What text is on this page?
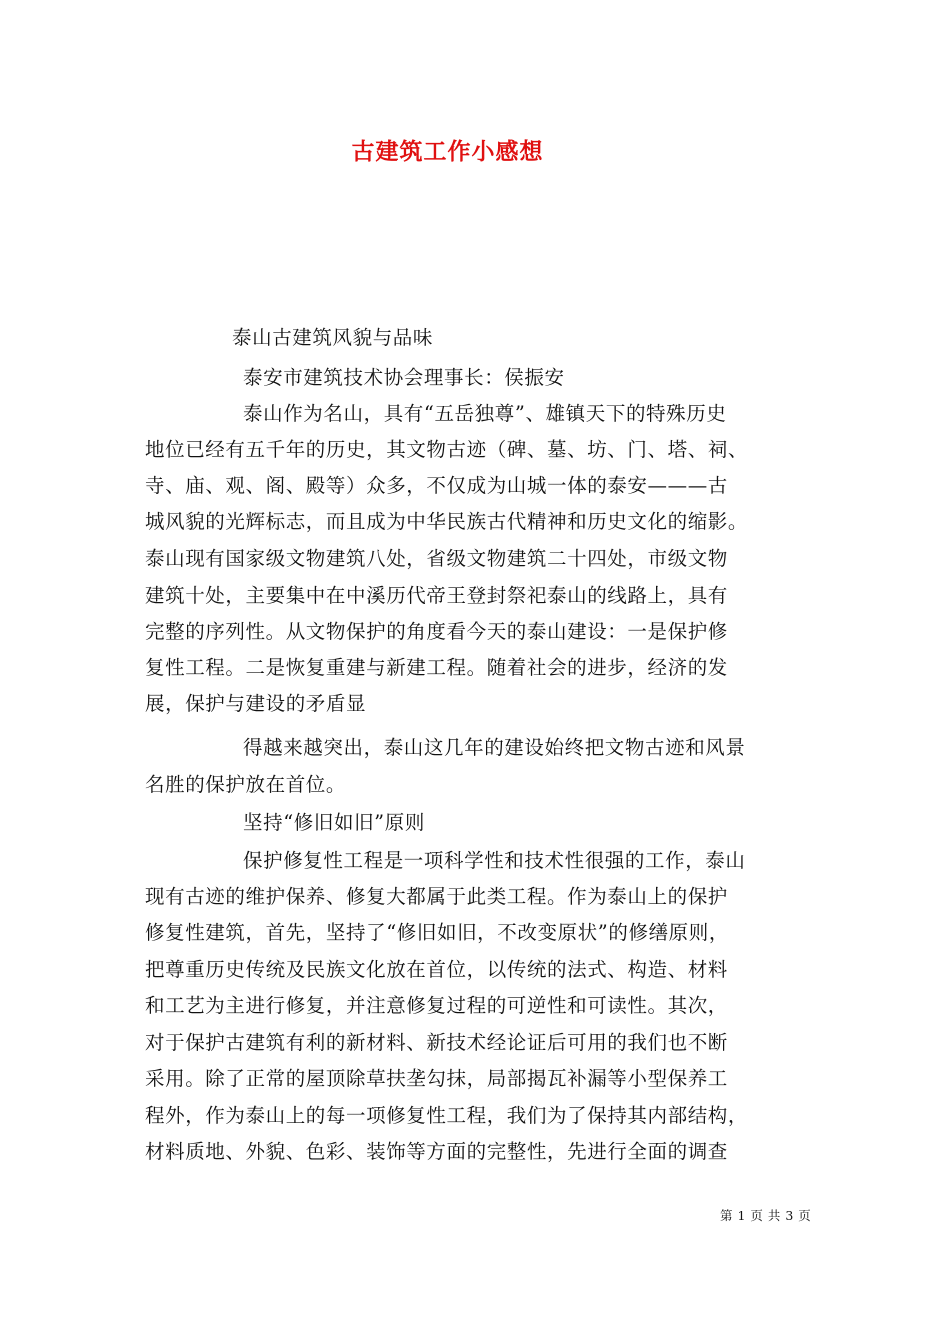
古建筑工作小感想
泰山古建筑风貌与品味
泰安市建筑技术协会理事长：侯振安
泰山作为名山，具有“五岳独尊”、雄镇天下的特殊历史
地位已经有五千年的历史，其文物古迹（碑、墓、坊、门、塔、祠、
寺、庙、观、阁、殿等）众多，不仅成为山城一体的泰安———古
城风貌的光辉标志，而且成为中华民族古代精神和历史文化的缩影。
泰山现有国家级文物建筑八处，省级文物建筑二十四处，市级文物
建筑十处，主要集中在中溪历代帝王登封祭祀泰山的线路上，具有
完整的序列性。从文物保护的角度看今天的泰山建设：一是保护修
复性工程。二是恢复重建与新建工程。随着社会的进步，经济的发
展，保护与建设的矛盾显
得越来越突出，泰山这几年的建设始终把文物古迹和风景
名胜的保护放在首位。
坚持“修旧如旧”原则
保护修复性工程是一项科学性和技术性很强的工作，泰山
现有古迹的维护保养、修复大都属于此类工程。作为泰山上的保护
修复性建筑，首先，坚持了“修旧如旧，不改变原状”的修缮原则，
把尊重历史传统及民族文化放在首位，以传统的法式、构造、材料
和工艺为主进行修复，并注意修复过程的可逆性和可读性。其次，
对于保护古建筑有利的新材料、新技术经论证后可用的我们也不断
采用。除了正常的屋顶除草扶垄勾抹，局部揭瓦补漏等小型保养工
程外，作为泰山上的每一项修复性工程，我们为了保持其内部结构，
材料质地、外貌、色彩、装饰等方面的完整性，先进行全面的调查
第 1 页 共 3 页
